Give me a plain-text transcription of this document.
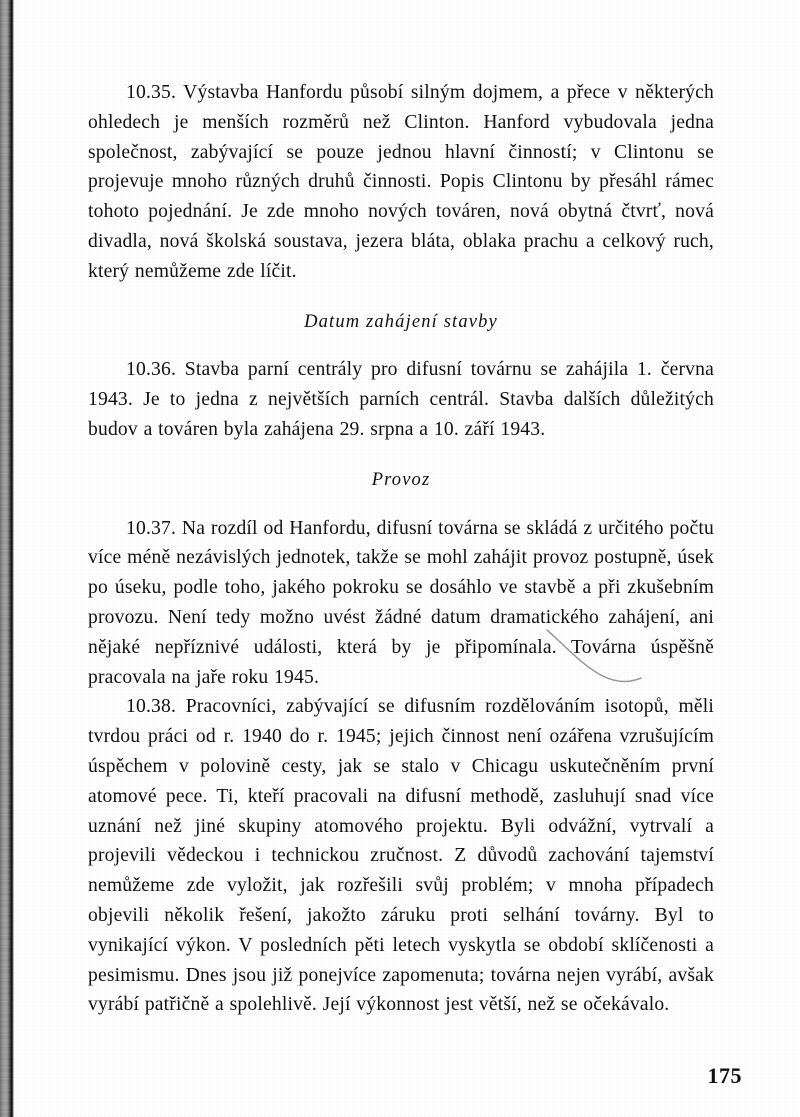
10.35. Výstavba Hanfordu působí silným dojmem, a přece v některých ohledech je menších rozměrů než Clinton. Hanford vybudovala jedna společnost, zabývající se pouze jednou hlavní činností; v Clintonu se projevuje mnoho různých druhů činnosti. Popis Clintonu by přesáhl rámec tohoto pojednání. Je zde mnoho nových továren, nová obytná čtvrť, nová divadla, nová školská soustava, jezera bláta, oblaka prachu a celkový ruch, který nemůžeme zde líčit.

Datum zahájení stavby

10.36. Stavba parní centrály pro difusní továrnu se zahájila 1. června 1943. Je to jedna z největších parních centrál. Stavba dalších důležitých budov a továren byla zahájena 29. srpna a 10. září 1943.

Provoz

10.37. Na rozdíl od Hanfordu, difusní továrna se skládá z určitého počtu více méně nezávislých jednotek, takže se mohl zahájit provoz postupně, úsek po úseku, podle toho, jakého pokroku se dosáhlo ve stavbě a při zkušebním provozu. Není tedy možno uvést žádné datum dramatického zahájení, ani nějaké nepříznivé události, která by je připomínala. Továrna úspěšně pracovala na jaře roku 1945.

10.38. Pracovníci, zabývající se difusním rozdělováním isotopů, měli tvrdou práci od r. 1940 do r. 1945; jejich činnost není ozářena vzrušujícím úspěchem v polovině cesty, jak se stalo v Chicagu uskutečněním první atomové pece. Ti, kteří pracovali na difusní methodě, zasluhují snad více uznání než jiné skupiny atomového projektu. Byli odvážní, vytrvalí a projevili vědeckou i technickou zručnost. Z důvodů zachování tajemství nemůžeme zde vyložit, jak rozřešili svůj problém; v mnoha případech objevili několik řešení, jakožto záruku proti selhání továrny. Byl to vynikající výkon. V posledních pěti letech vyskytla se období sklíčenosti a pesimismu. Dnes jsou již ponejvíce zapomenuta; továrna nejen vyrábí, avšak vyrábí patřičně a spolehlivě. Její výkonnost jest větší, než se očekávalo.

175
